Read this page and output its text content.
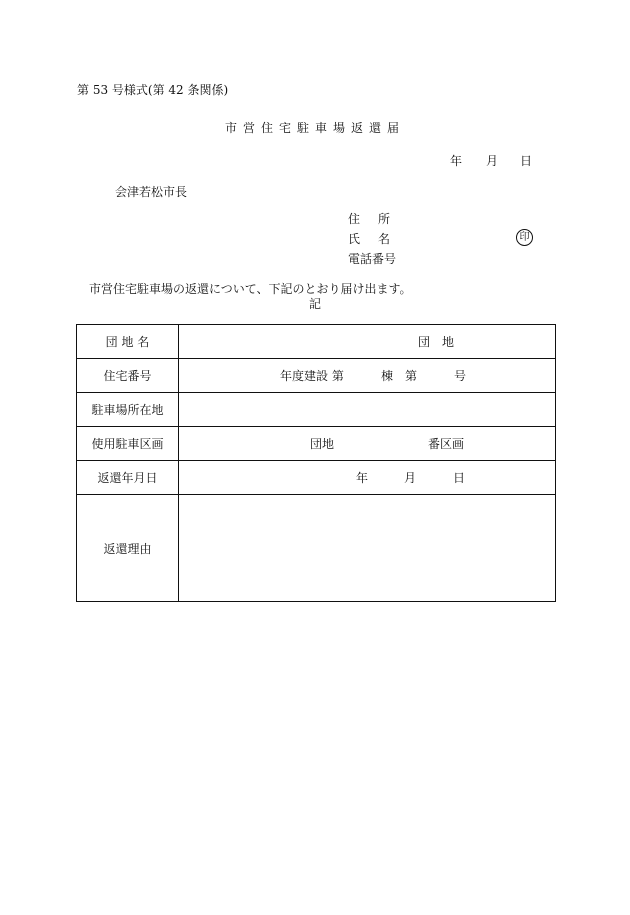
第 53 号様式(第 42 条関係)
市営住宅駐車場返還届
年 月 日
会津若松市長
住所
氏名	印
電話番号
市営住宅駐車場の返還について、下記のとおり届け出ます。
記
団 地 名	団　地

住宅番号	年度建設 第 棟 第 号

駐車場所在地	
使用駐車区画	団地 番区画

返還年月日	年 月 日

返還理由	
